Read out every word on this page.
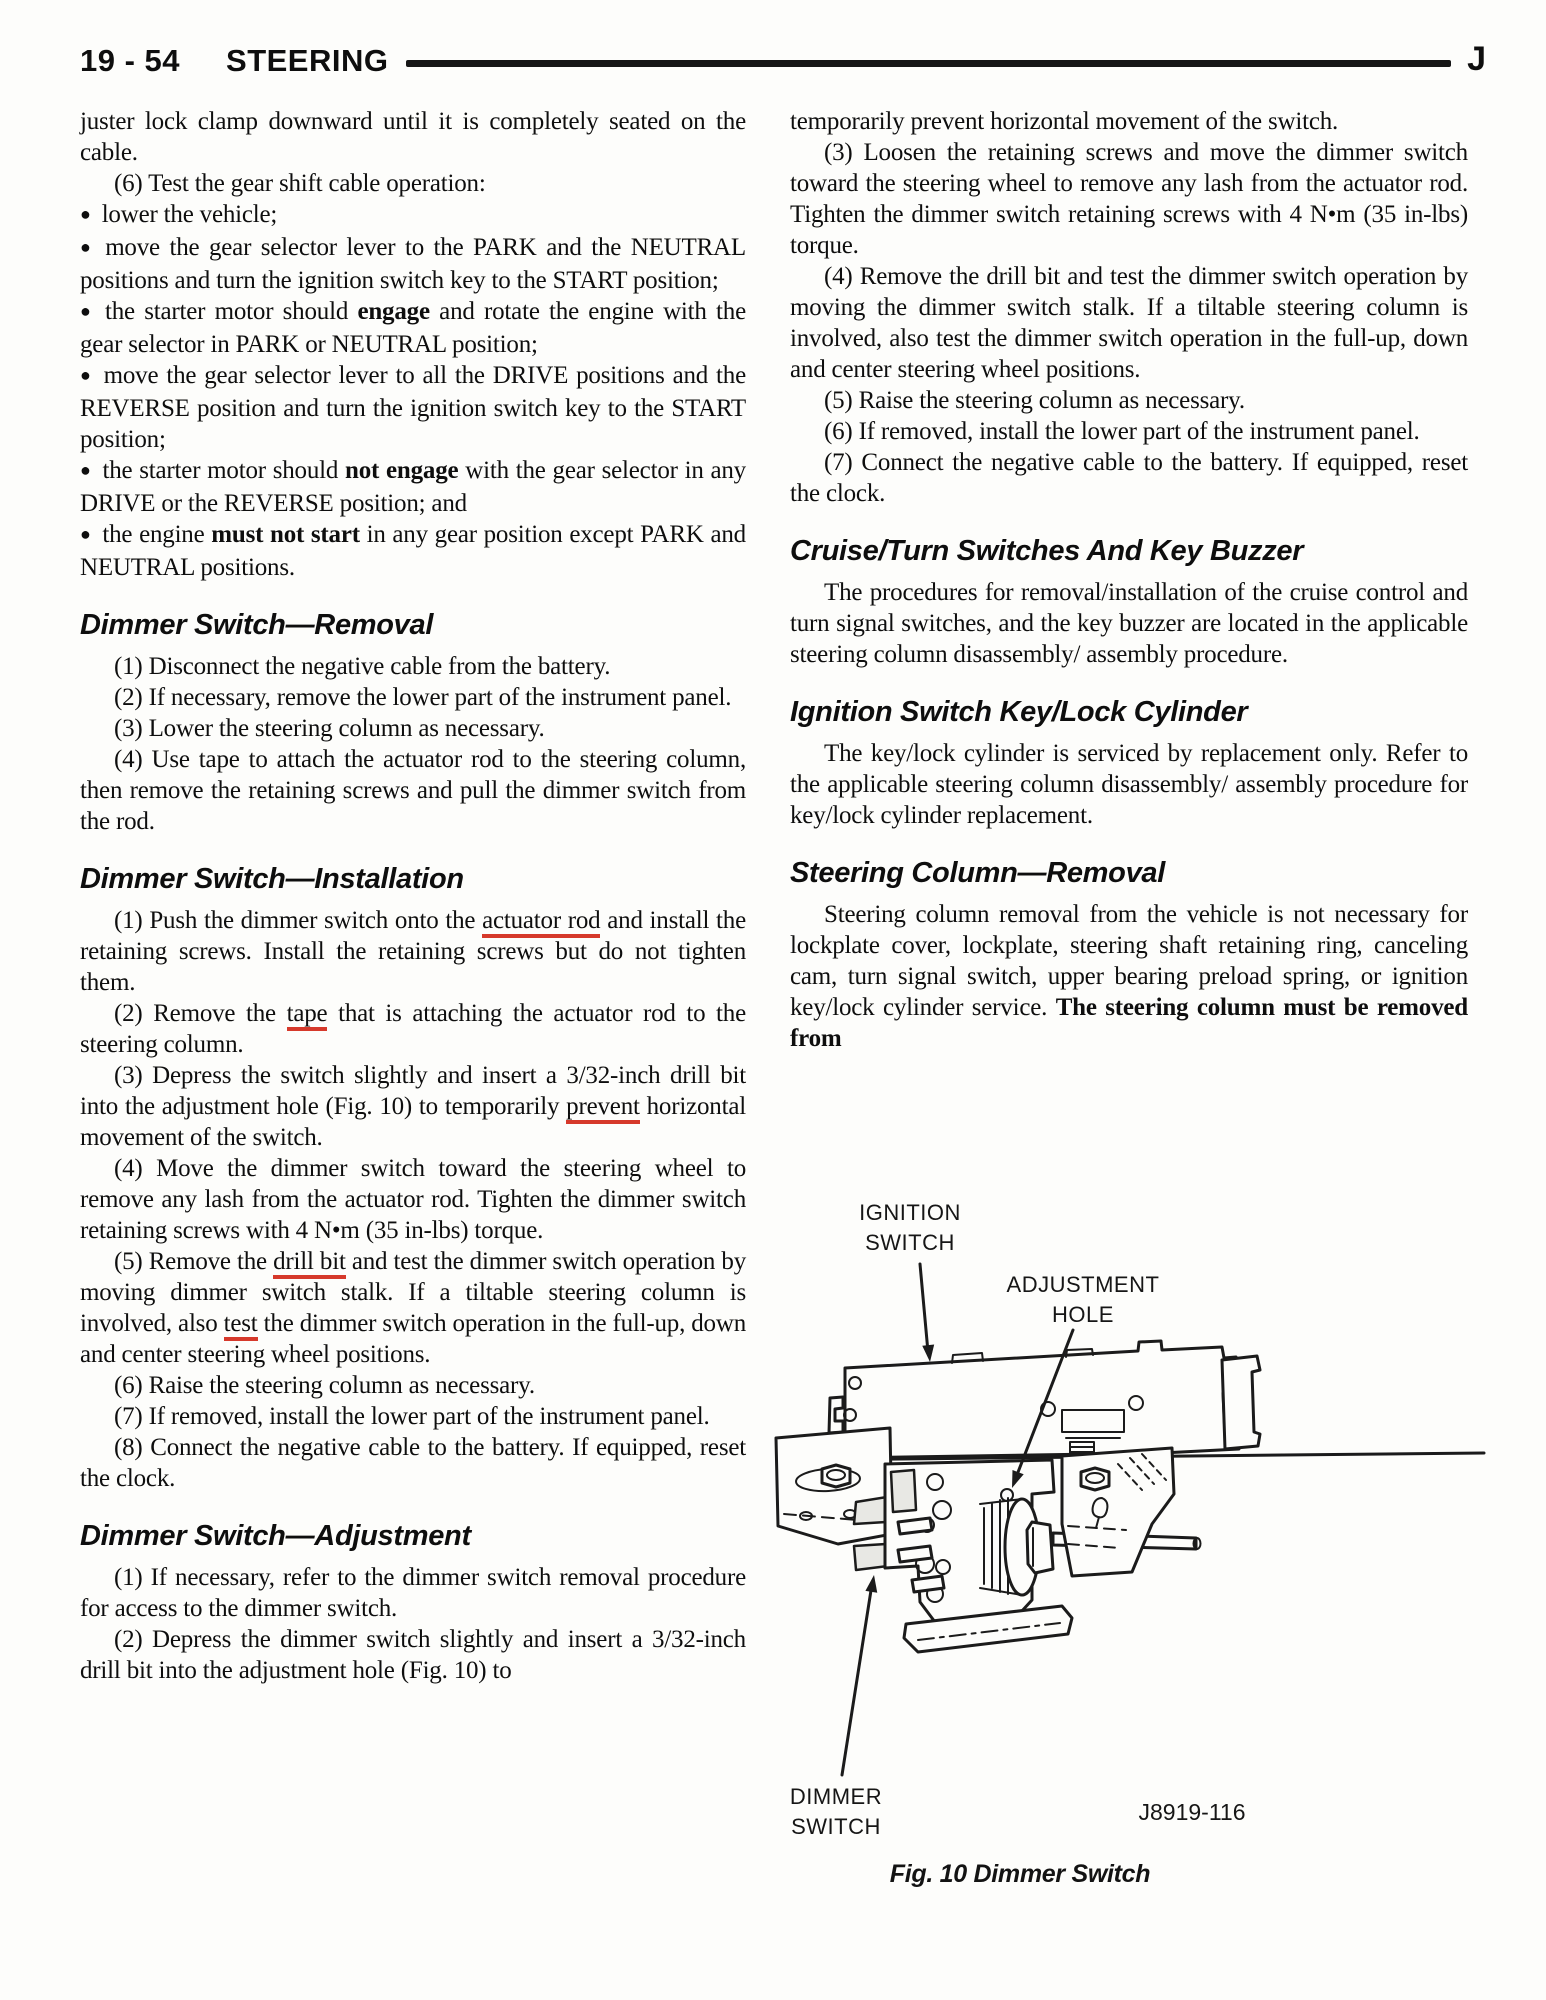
19 - 54 STEERING	J

juster lock clamp downward until it is completely seated on the cable.

(6) Test the gear shift cable operation:

● lower the vehicle;

● move the gear selector lever to the PARK and the NEUTRAL positions and turn the ignition switch key to the START position;

● the starter motor should engage and rotate the engine with the gear selector in PARK or NEUTRAL position;

● move the gear selector lever to all the DRIVE positions and the REVERSE position and turn the ignition switch key to the START position;

● the starter motor should not engage with the gear selector in any DRIVE or the REVERSE position; and

● the engine must not start in any gear position except PARK and NEUTRAL positions.

Dimmer Switch—Removal

(1) Disconnect the negative cable from the battery.

(2) If necessary, remove the lower part of the instrument panel.

(3) Lower the steering column as necessary.

(4) Use tape to attach the actuator rod to the steering column, then remove the retaining screws and pull the dimmer switch from the rod.

Dimmer Switch—Installation

(1) Push the dimmer switch onto the actuator rod and install the retaining screws. Install the retaining screws but do not tighten them.

(2) Remove the tape that is attaching the actuator rod to the steering column.

(3) Depress the switch slightly and insert a 3/32-inch drill bit into the adjustment hole (Fig. 10) to temporarily prevent horizontal movement of the switch.

(4) Move the dimmer switch toward the steering wheel to remove any lash from the actuator rod. Tighten the dimmer switch retaining screws with 4 N•m (35 in-lbs) torque.

(5) Remove the drill bit and test the dimmer switch operation by moving dimmer switch stalk. If a tiltable steering column is involved, also test the dimmer switch operation in the full-up, down and center steering wheel positions.

(6) Raise the steering column as necessary.

(7) If removed, install the lower part of the instrument panel.

(8) Connect the negative cable to the battery. If equipped, reset the clock.

Dimmer Switch—Adjustment

(1) If necessary, refer to the dimmer switch removal procedure for access to the dimmer switch.

(2) Depress the dimmer switch slightly and insert a 3/32-inch drill bit into the adjustment hole (Fig. 10) to

temporarily prevent horizontal movement of the switch.

(3) Loosen the retaining screws and move the dimmer switch toward the steering wheel to remove any lash from the actuator rod. Tighten the dimmer switch retaining screws with 4 N•m (35 in-lbs) torque.

(4) Remove the drill bit and test the dimmer switch operation by moving the dimmer switch stalk. If a tiltable steering column is involved, also test the dimmer switch operation in the full-up, down and center steering wheel positions.

(5) Raise the steering column as necessary.

(6) If removed, install the lower part of the instrument panel.

(7) Connect the negative cable to the battery. If equipped, reset the clock.

Cruise/Turn Switches And Key Buzzer

The procedures for removal/installation of the cruise control and turn signal switches, and the key buzzer are located in the applicable steering column disassembly/ assembly procedure.

Ignition Switch Key/Lock Cylinder

The key/lock cylinder is serviced by replacement only. Refer to the applicable steering column disassembly/ assembly procedure for key/lock cylinder replacement.

Steering Column—Removal

Steering column removal from the vehicle is not necessary for lockplate cover, lockplate, steering shaft retaining ring, canceling cam, turn signal switch, upper bearing preload spring, or ignition key/lock cylinder service. The steering column must be removed from

IGNITION
SWITCH
ADJUSTMENT
HOLE
DIMMER
SWITCH
J8919-116
Fig. 10 Dimmer Switch
